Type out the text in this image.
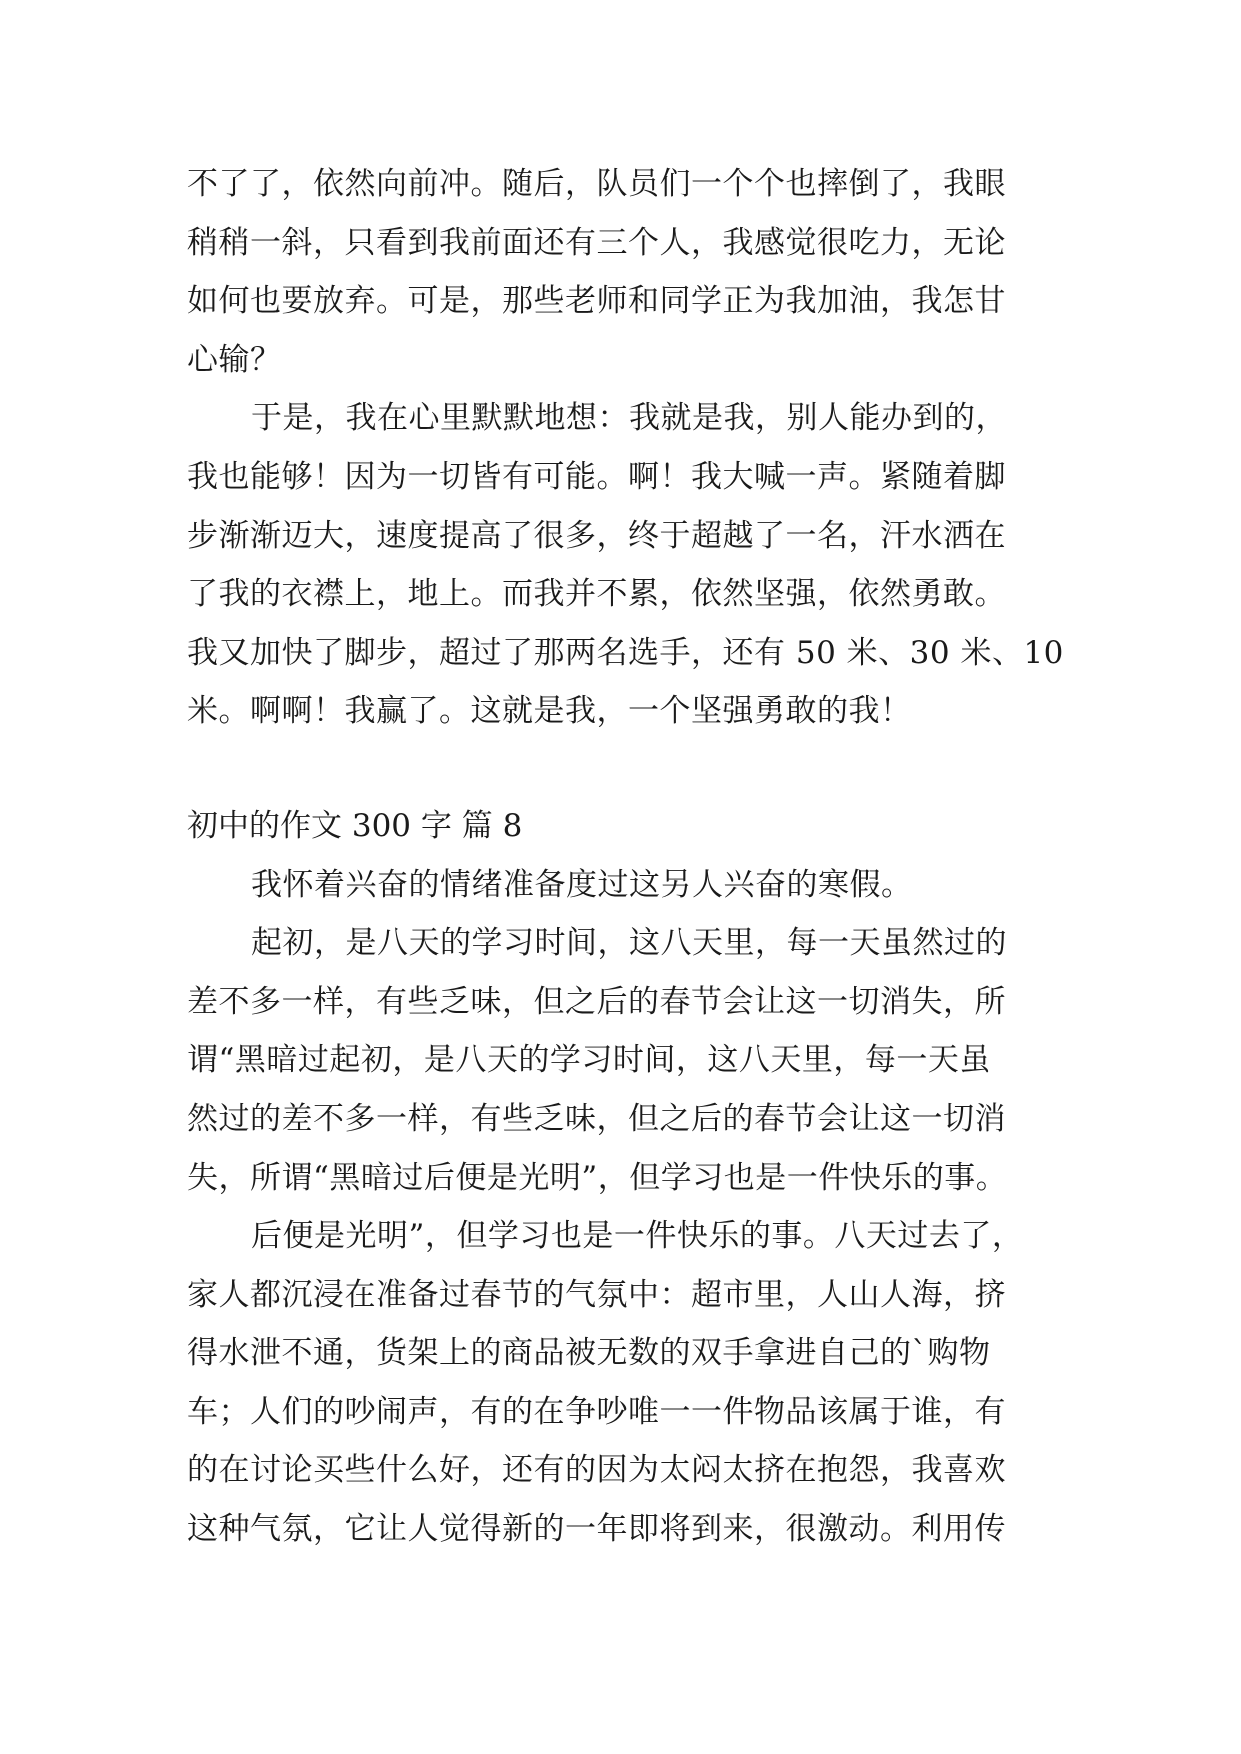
不了了，依然向前冲。随后，队员们一个个也摔倒了，我眼
稍稍一斜，只看到我前面还有三个人，我感觉很吃力，无论
如何也要放弃。可是，那些老师和同学正为我加油，我怎甘
心输？
于是，我在心里默默地想：我就是我，别人能办到的，
我也能够！因为一切皆有可能。啊！我大喊一声。紧随着脚
步渐渐迈大，速度提高了很多，终于超越了一名，汗水洒在
了我的衣襟上，地上。而我并不累，依然坚强，依然勇敢。
我又加快了脚步，超过了那两名选手，还有 50 米、30 米、10
米。啊啊！我赢了。这就是我，一个坚强勇敢的我！
初中的作文 300 字 篇 8
我怀着兴奋的情绪准备度过这另人兴奋的寒假。
起初，是八天的学习时间，这八天里，每一天虽然过的
差不多一样，有些乏味，但之后的春节会让这一切消失，所
谓“黑暗过起初，是八天的学习时间，这八天里，每一天虽
然过的差不多一样，有些乏味，但之后的春节会让这一切消
失，所谓“黑暗过后便是光明”，但学习也是一件快乐的事。
后便是光明”，但学习也是一件快乐的事。八天过去了，
家人都沉浸在准备过春节的气氛中：超市里，人山人海，挤
得水泄不通，货架上的商品被无数的双手拿进自己的`购物
车；人们的吵闹声，有的在争吵唯一一件物品该属于谁，有
的在讨论买些什么好，还有的因为太闷太挤在抱怨，我喜欢
这种气氛，它让人觉得新的一年即将到来，很激动。利用传
